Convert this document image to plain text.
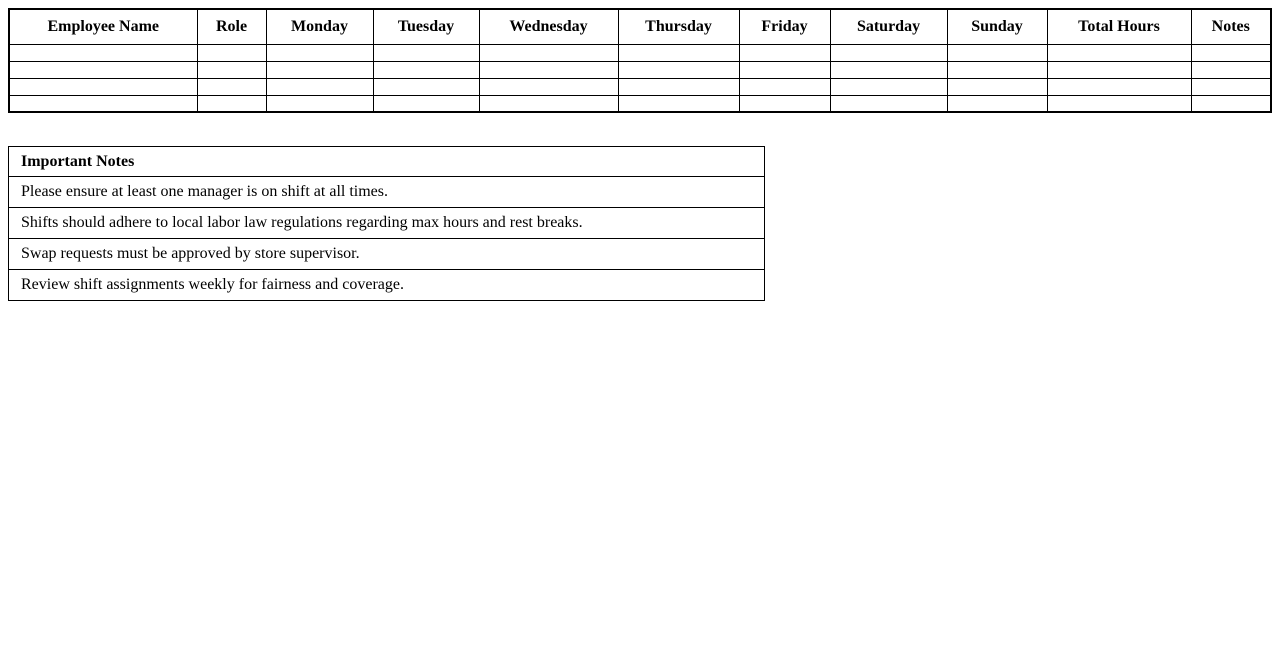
Employee Name	Role	Monday	Tuesday	Wednesday	Thursday	Friday	Saturday	Sunday	Total Hours	Notes

Important Notes
Please ensure at least one manager is on shift at all times.
Shifts should adhere to local labor law regulations regarding max hours and rest breaks.
Swap requests must be approved by store supervisor.
Review shift assignments weekly for fairness and coverage.
